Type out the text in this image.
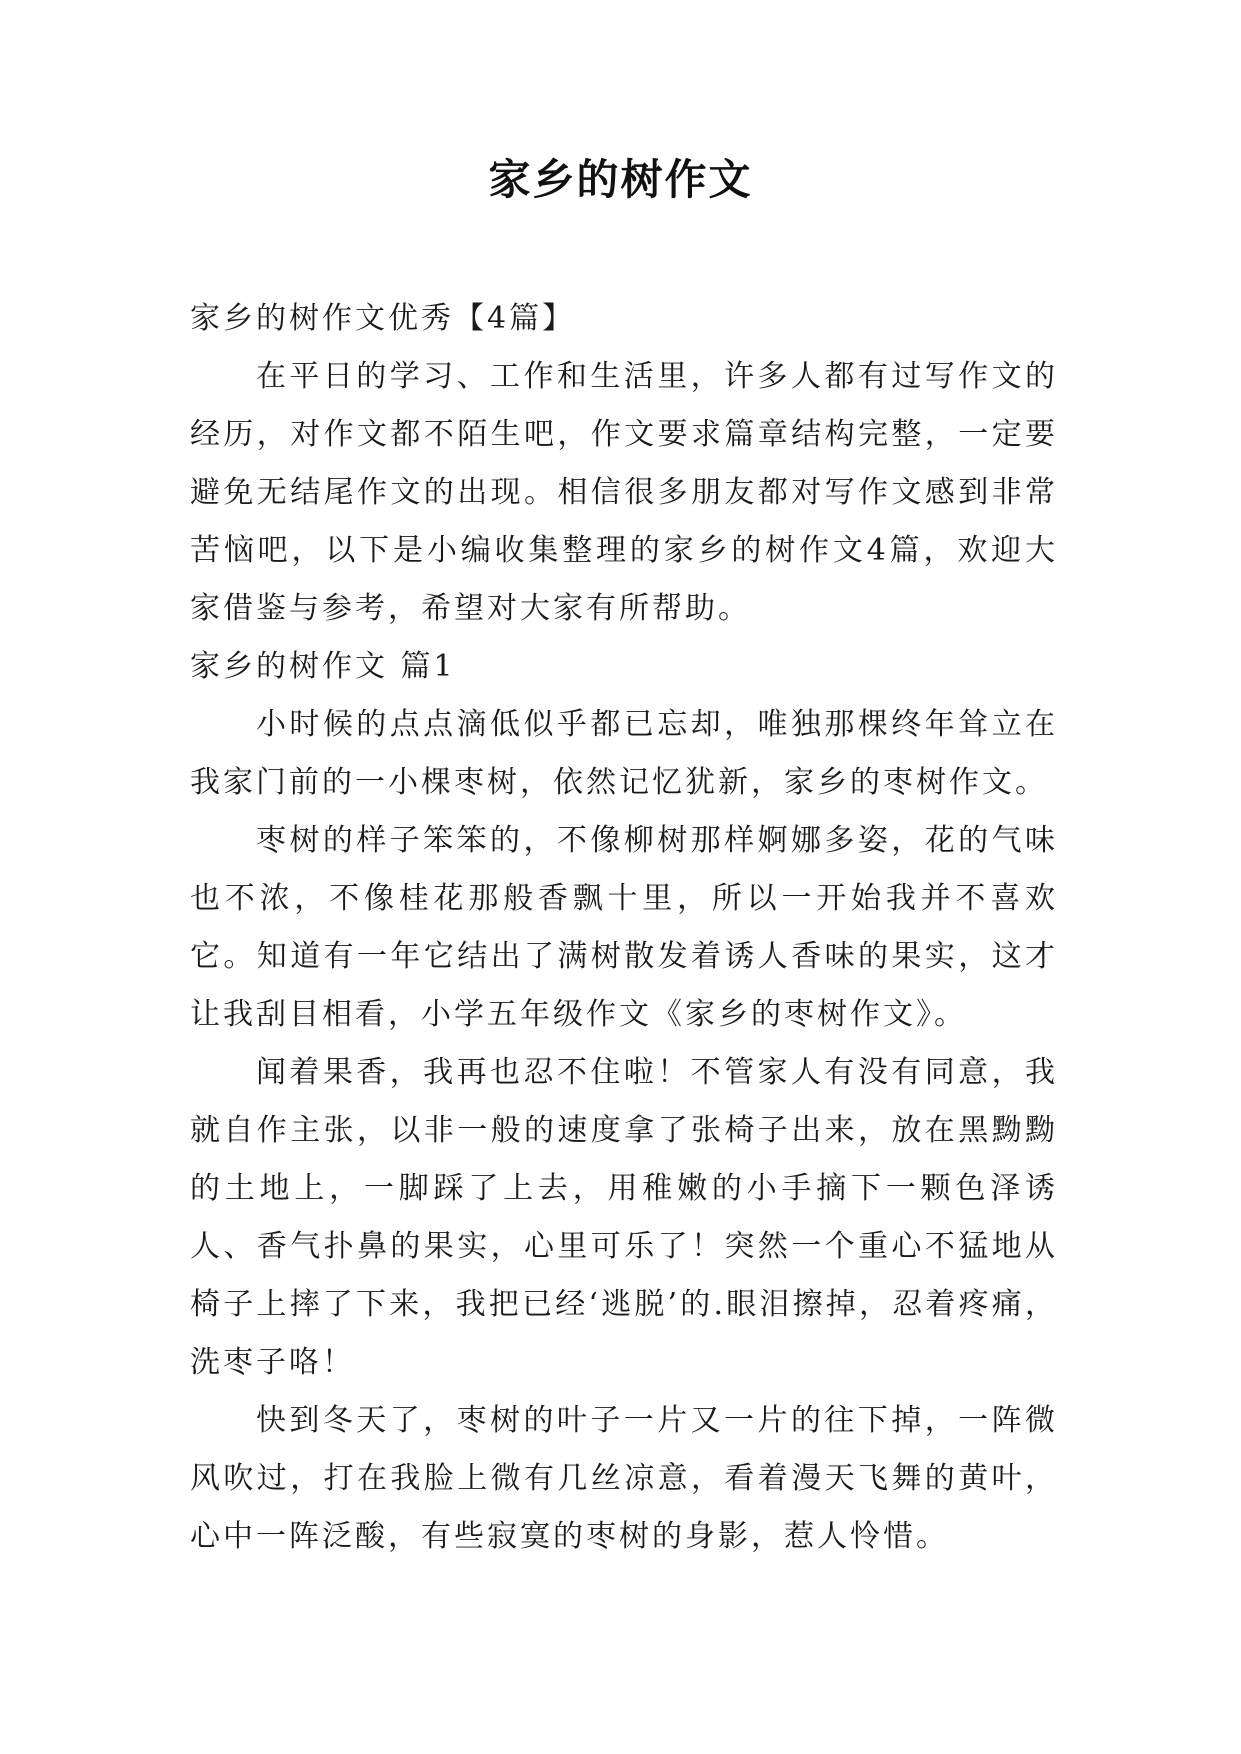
家乡的树作文

家乡的树作文优秀【4篇】

在平日的学习、工作和生活里，许多人都有过写作文的经历，对作文都不陌生吧，作文要求篇章结构完整，一定要避免无结尾作文的出现。相信很多朋友都对写作文感到非常苦恼吧，以下是小编收集整理的家乡的树作文4篇，欢迎大家借鉴与参考，希望对大家有所帮助。

家乡的树作文 篇1

小时候的点点滴低似乎都已忘却，唯独那棵终年耸立在我家门前的一小棵枣树，依然记忆犹新，家乡的枣树作文。

枣树的样子笨笨的，不像柳树那样婀娜多姿，花的气味也不浓，不像桂花那般香飘十里，所以一开始我并不喜欢它。知道有一年它结出了满树散发着诱人香味的果实，这才让我刮目相看，小学五年级作文《家乡的枣树作文》。

闻着果香，我再也忍不住啦！不管家人有没有同意，我就自作主张，以非一般的速度拿了张椅子出来，放在黑黝黝的土地上，一脚踩了上去，用稚嫩的小手摘下一颗色泽诱人、香气扑鼻的果实，心里可乐了！突然一个重心不猛地从椅子上摔了下来，我把已经‘逃脱’的.眼泪擦掉，忍着疼痛，洗枣子咯！

快到冬天了，枣树的叶子一片又一片的往下掉，一阵微风吹过，打在我脸上微有几丝凉意，看着漫天飞舞的黄叶，心中一阵泛酸，有些寂寞的枣树的身影，惹人怜惜。
